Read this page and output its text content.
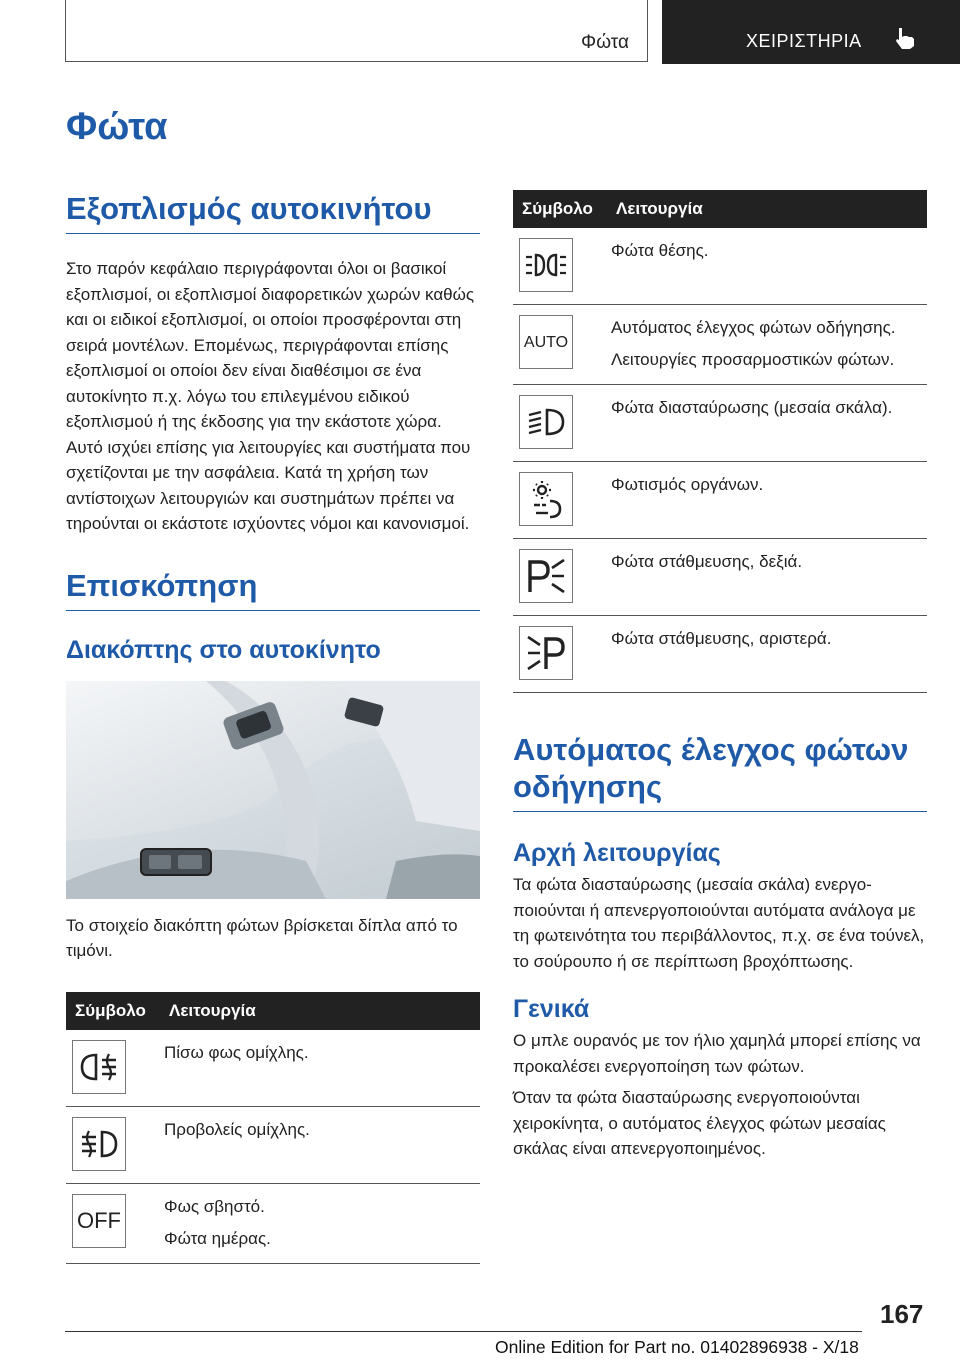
Φώτα	ΧΕΙΡΙΣΤΗΡΙΑ
Φώτα
Εξοπλισμός αυτοκινήτου

Στο παρόν κεφάλαιο περιγράφονται όλοι οι βασικοί εξοπλισμοί, οι εξοπλισμοί διαφορετικών χωρών καθώς και οι ειδικοί εξοπλισμοί, οι οποίοι προσφέρονται στη σειρά μοντέλων. Επομένως, περιγράφονται επίσης εξοπλισμοί οι οποίοι δεν είναι διαθέσιμοι σε ένα αυτοκίνητο π.χ. λόγω του επιλεγμένου ειδικού εξοπλισμού ή της έκδοσης για την εκάστοτε χώρα. Αυτό ισχύει επίσης για λειτουργίες και συστήματα που σχετίζονται με την ασφάλεια. Κατά τη χρήση των αντίστοιχων λειτουργιών και συστημάτων πρέπει να τηρούνται οι εκάστοτε ισχύοντες νόμοι και κανονισμοί.

Επισκόπηση
Διακόπτης στο αυτοκίνητο

Το στοιχείο διακόπτη φώτων βρίσκεται δίπλα από το τιμόνι.

Σύμβολο	Λειτουργία

Πίσω φως ομίχλης.

Προβολείς ομίχλης.

OFF	Φως σβηστό.
Φώτα ημέρας.
Σύμβολο	Λειτουργία

Φώτα θέσης.

AUTO	Αυτόματος έλεγχος φώτων οδήγησης.
Λειτουργίες προσαρμοστικών φώτων.

Φώτα διασταύρωσης (μεσαία σκάλα).

Φωτισμός οργάνων.

Φώτα στάθμευσης, δεξιά.

Φώτα στάθμευσης, αριστερά.
Αυτόματος έλεγχος φώτων οδήγησης
Αρχή λειτουργίας

Τα φώτα διασταύρωσης (μεσαία σκάλα) ενεργοποιούνται ή απενεργοποιούνται αυτόματα ανάλογα με τη φωτεινότητα του περιβάλλοντος, π.χ. σε ένα τούνελ, το σούρουπο ή σε περίπτωση βροχόπτωσης.

Γενικά

Ο μπλε ουρανός με τον ήλιο χαμηλά μπορεί επίσης να προκαλέσει ενεργοποίηση των φώτων.

Όταν τα φώτα διασταύρωσης ενεργοποιούνται χειροκίνητα, ο αυτόματος έλεγχος φώτων μεσαίας σκάλας είναι απενεργοποιημένος.

167
Online Edition for Part no. 01402896938 - X/18
